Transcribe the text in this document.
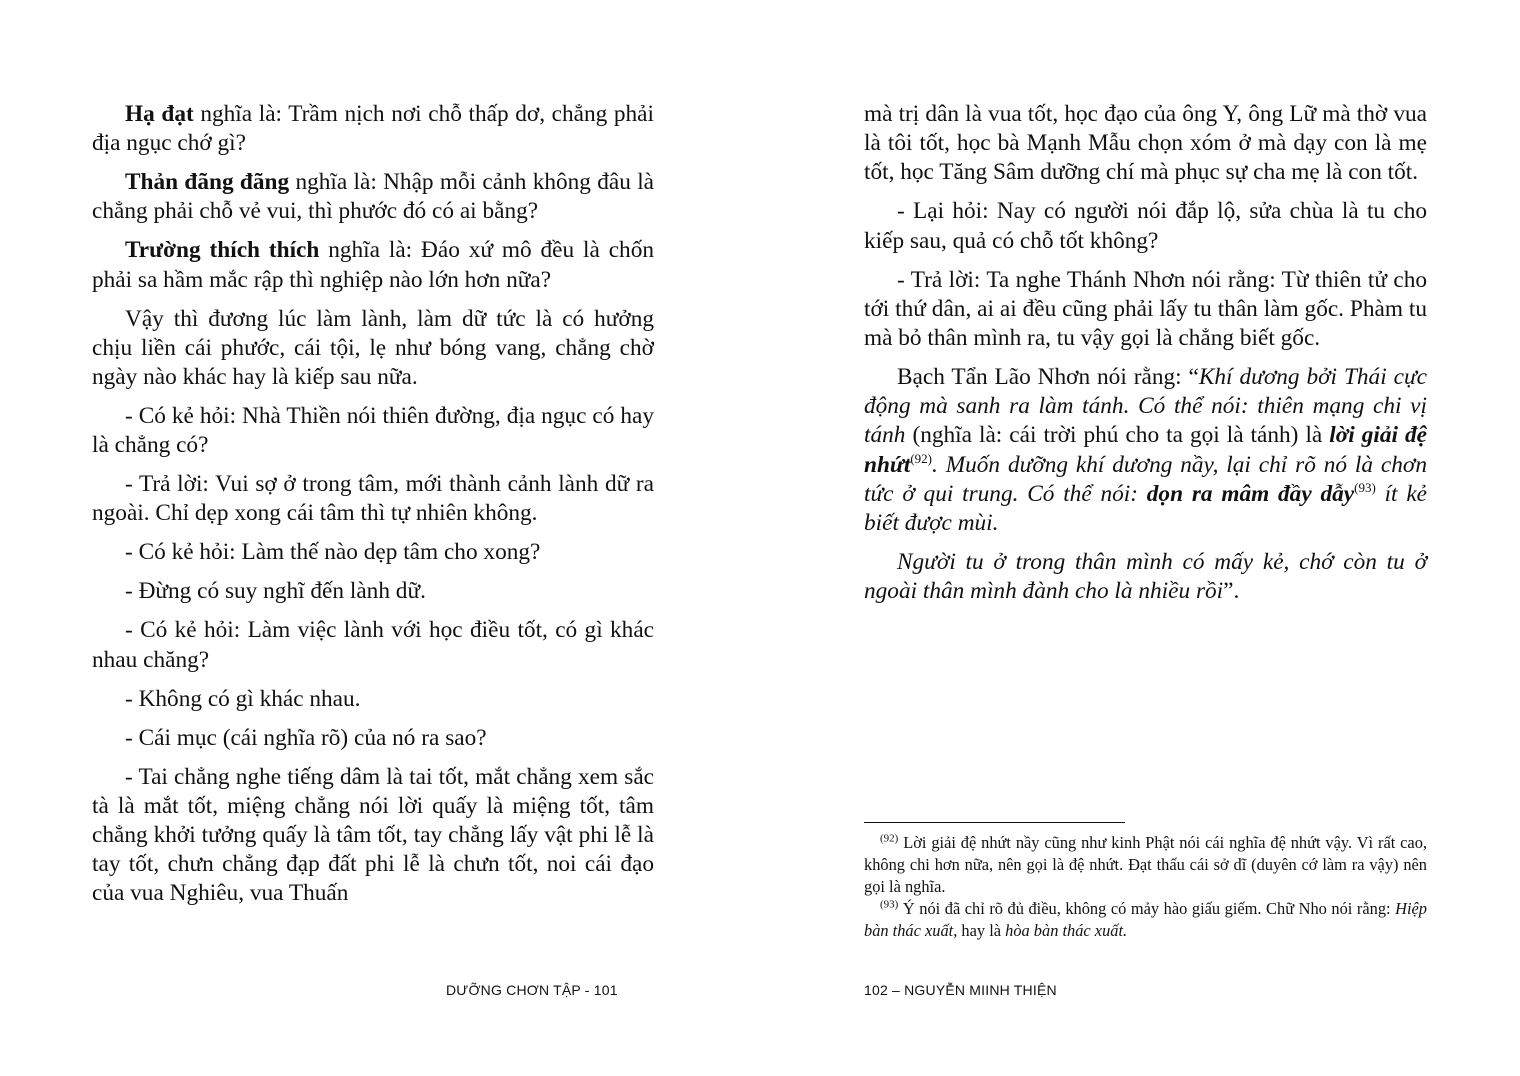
Hạ đạt nghĩa là: Trầm nịch nơi chỗ thấp dơ, chẳng phải địa ngục chớ gì?

Thản đãng đãng nghĩa là: Nhập mỗi cảnh không đâu là chẳng phải chỗ vẻ vui, thì phước đó có ai bằng?

Trường thích thích nghĩa là: Đáo xứ mô đều là chốn phải sa hầm mắc rập thì nghiệp nào lớn hơn nữa?

Vậy thì đương lúc làm lành, làm dữ tức là có hưởng chịu liền cái phước, cái tội, lẹ như bóng vang, chẳng chờ ngày nào khác hay là kiếp sau nữa.

- Có kẻ hỏi: Nhà Thiền nói thiên đường, địa ngục có hay là chẳng có?

- Trả lời: Vui sợ ở trong tâm, mới thành cảnh lành dữ ra ngoài. Chỉ dẹp xong cái tâm thì tự nhiên không.

- Có kẻ hỏi: Làm thế nào dẹp tâm cho xong?

- Đừng có suy nghĩ đến lành dữ.

- Có kẻ hỏi: Làm việc lành với học điều tốt, có gì khác nhau chăng?

- Không có gì khác nhau.

- Cái mục (cái nghĩa rõ) của nó ra sao?

- Tai chẳng nghe tiếng dâm là tai tốt, mắt chẳng xem sắc tà là mắt tốt, miệng chẳng nói lời quấy là miệng tốt, tâm chẳng khởi tưởng quấy là tâm tốt, tay chẳng lấy vật phi lễ là tay tốt, chưn chẳng đạp đất phi lễ là chưn tốt, noi cái đạo của vua Nghiêu, vua Thuấn

mà trị dân là vua tốt, học đạo của ông Y, ông Lữ mà thờ vua là tôi tốt, học bà Mạnh Mẫu chọn xóm ở mà dạy con là mẹ tốt, học Tăng Sâm dưỡng chí mà phục sự cha mẹ là con tốt.

- Lại hỏi: Nay có người nói đắp lộ, sửa chùa là tu cho kiếp sau, quả có chỗ tốt không?

- Trả lời: Ta nghe Thánh Nhơn nói rằng: Từ thiên tử cho tới thứ dân, ai ai đều cũng phải lấy tu thân làm gốc. Phàm tu mà bỏ thân mình ra, tu vậy gọi là chẳng biết gốc.

Bạch Tẩn Lão Nhơn nói rằng: “Khí dương bởi Thái cực động mà sanh ra làm tánh. Có thể nói: thiên mạng chi vị tánh (nghĩa là: cái trời phú cho ta gọi là tánh) là lời giải đệ nhứt$^{(92)}$. Muốn dưỡng khí dương nầy, lại chỉ rõ nó là chơn tức ở qui trung. Có thể nói: dọn ra mâm đầy dẫy$^{(93)}$ ít kẻ biết được mùi.

Người tu ở trong thân mình có mấy kẻ, chớ còn tu ở ngoài thân mình đành cho là nhiều rồi”.

$^{(92)}$ Lời giải đệ nhứt nầy cũng như kinh Phật nói cái nghĩa đệ nhứt vậy. Vì rất cao, không chi hơn nữa, nên gọi là đệ nhứt. Đạt thấu cái sở dĩ (duyên cớ làm ra vậy) nên gọi là nghĩa.

$^{(93)}$ Ý nói đã chỉ rõ đủ điều, không có mảy hào giấu giếm. Chữ Nho nói rằng: Hiệp bàn thác xuất, hay là hòa bàn thác xuất.

DƯỠNG CHƠN TẬP - 101	102 – NGUYỄN MIINH THIỆN
